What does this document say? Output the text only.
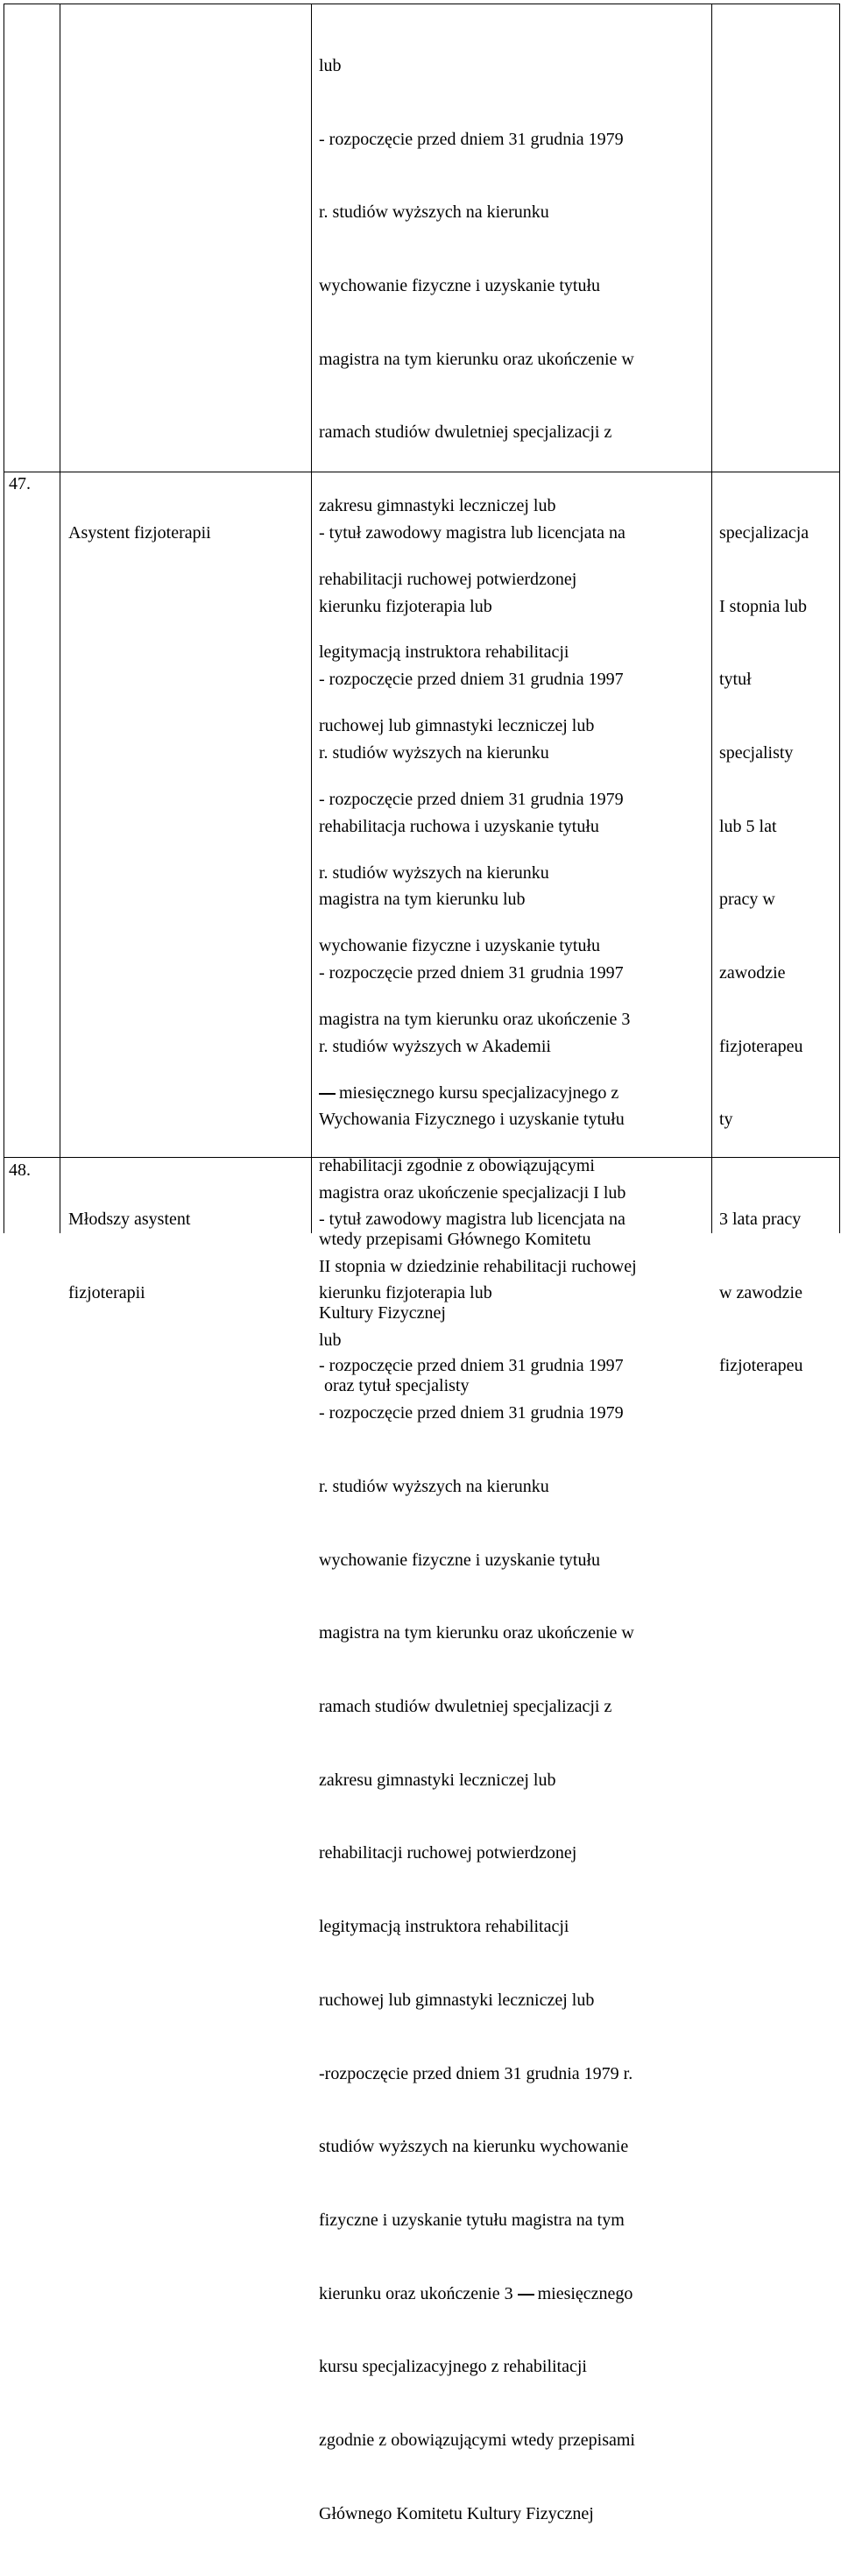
lub

- rozpoczęcie przed dniem 31 grudnia 1979

r. studiów wyższych na kierunku

wychowanie fizyczne i uzyskanie tytułu

magistra na tym kierunku oraz ukończenie w

ramach studiów dwuletniej specjalizacji z

zakresu gimnastyki leczniczej lub

rehabilitacji ruchowej potwierdzonej

legitymacją instruktora rehabilitacji

ruchowej lub gimnastyki leczniczej lub

- rozpoczęcie przed dniem 31 grudnia 1979

r. studiów wyższych na kierunku

wychowanie fizyczne i uzyskanie tytułu

magistra na tym kierunku oraz ukończenie 3

miesięcznego kursu specjalizacyjnego z

rehabilitacji zgodnie z obowiązującymi

wtedy przepisami Głównego Komitetu

Kultury Fizycznej

oraz tytuł specjalisty

47.

Asystent fizjoterapii

	- tytuł zawodowy magistra lub licencjata na

kierunku fizjoterapia lub

- rozpoczęcie przed dniem 31 grudnia 1997

r. studiów wyższych na kierunku

rehabilitacja ruchowa i uzyskanie tytułu

magistra na tym kierunku lub

- rozpoczęcie przed dniem 31 grudnia 1997

r. studiów wyższych w Akademii

Wychowania Fizycznego i uzyskanie tytułu

magistra oraz ukończenie specjalizacji I lub

II stopnia w dziedzinie rehabilitacji ruchowej

lub

- rozpoczęcie przed dniem 31 grudnia 1979

r. studiów wyższych na kierunku

wychowanie fizyczne i uzyskanie tytułu

magistra na tym kierunku oraz ukończenie w

ramach studiów dwuletniej specjalizacji z

zakresu gimnastyki leczniczej lub

rehabilitacji ruchowej potwierdzonej

legitymacją instruktora rehabilitacji

ruchowej lub gimnastyki leczniczej lub

-rozpoczęcie przed dniem 31 grudnia 1979 r.

studiów wyższych na kierunku wychowanie

fizyczne i uzyskanie tytułu magistra na tym

kierunku oraz ukończenie 3 miesięcznego

kursu specjalizacyjnego z rehabilitacji

zgodnie z obowiązującymi wtedy przepisami

Głównego Komitetu Kultury Fizycznej

specjalizacja

I stopnia lub

tytuł

specjalisty

lub 5 lat

pracy w

zawodzie

fizjoterapeu

ty

48.

Młodszy asystent

fizjoterapii

- tytuł zawodowy magistra lub licencjata na

kierunku fizjoterapia lub

- rozpoczęcie przed dniem 31 grudnia 1997

3 lata pracy

w zawodzie

fizjoterapeu
